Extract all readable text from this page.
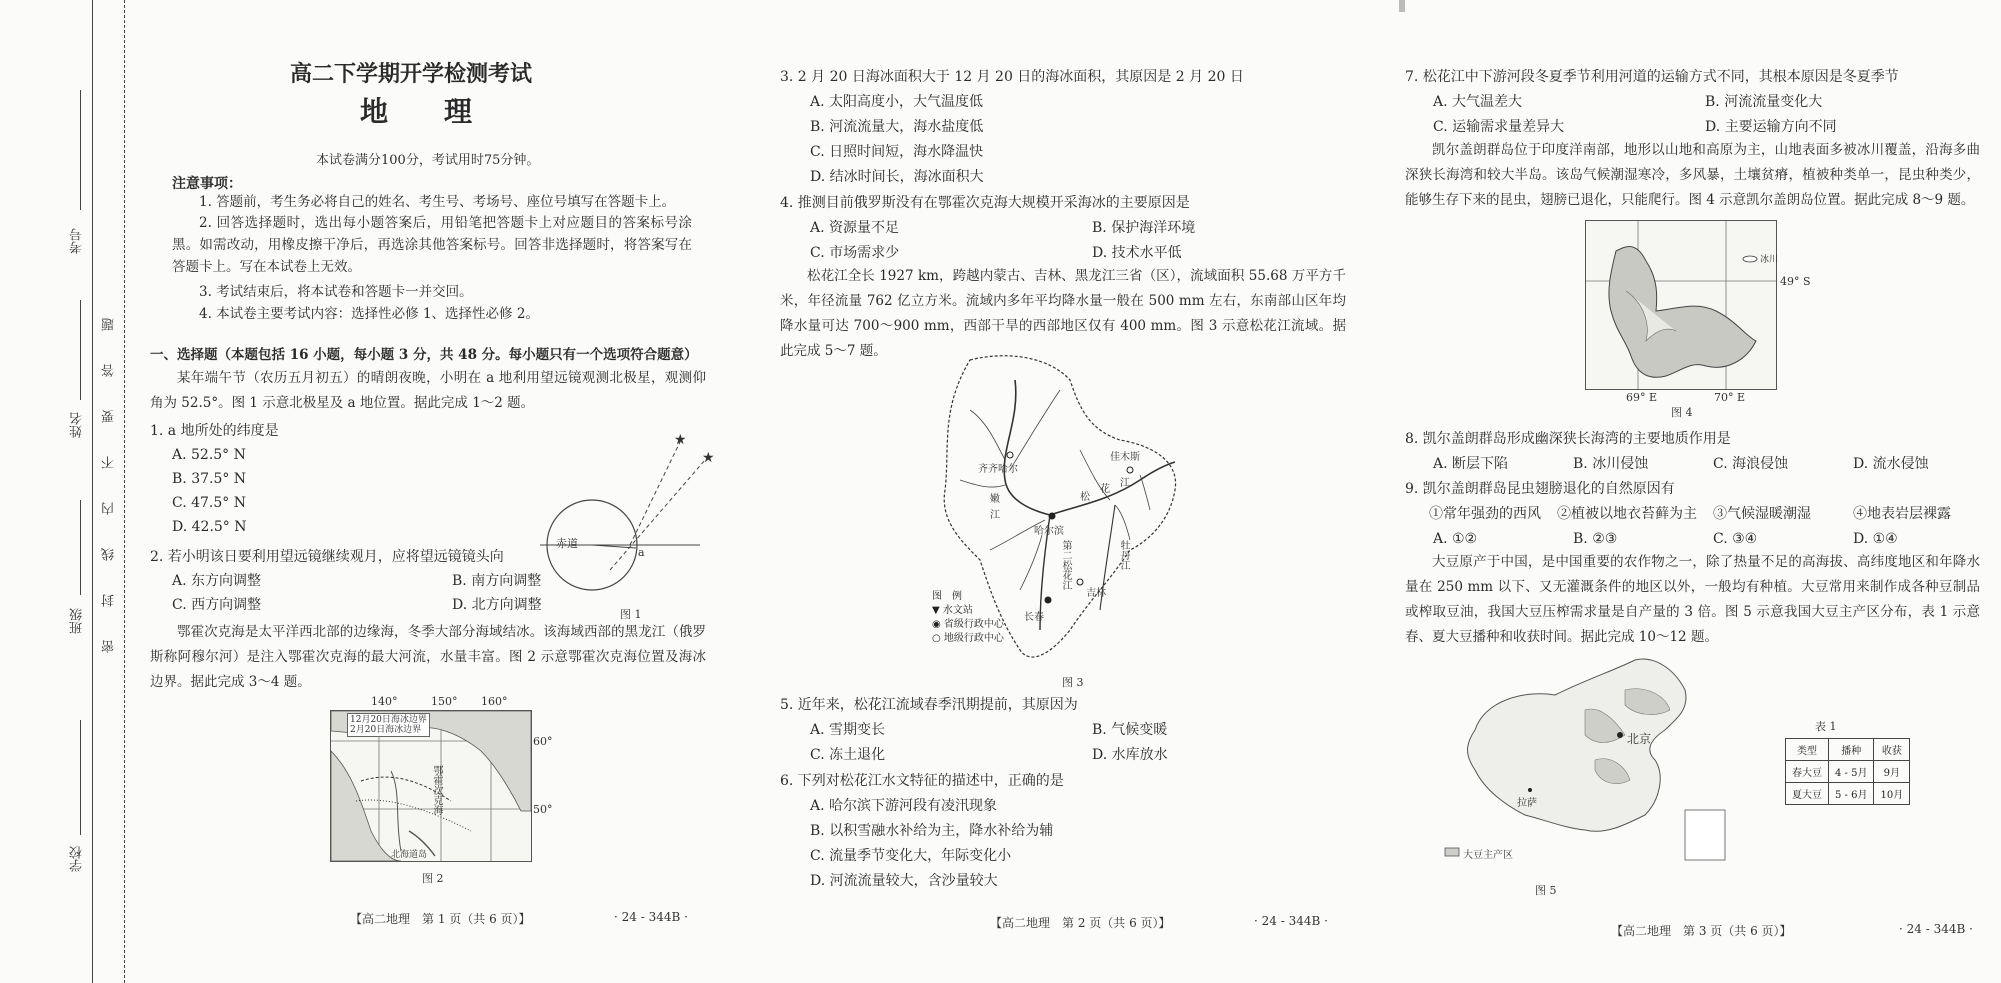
考号
姓名
班级
学校
题
答
要
不
内
线
封
密
高二下学期开学检测考试
地　　理
本试卷满分100分，考试用时75分钟。
注意事项：
1. 答题前，考生务必将自己的姓名、考生号、考场号、座位号填写在答题卡上。
2. 回答选择题时，选出每小题答案后，用铅笔把答题卡上对应题目的答案标号涂黑。如需改动，用橡皮擦干净后，再选涂其他答案标号。回答非选择题时，将答案写在答题卡上。写在本试卷上无效。
3. 考试结束后，将本试卷和答题卡一并交回。
4. 本试卷主要考试内容：选择性必修 1、选择性必修 2。
一、选择题（本题包括 16 小题，每小题 3 分，共 48 分。每小题只有一个选项符合题意）
某年端午节（农历五月初五）的晴朗夜晚，小明在 a 地利用望远镜观测北极星，观测仰角为 52.5°。图 1 示意北极星及 a 地位置。据此完成 1～2 题。
1. a 地所处的纬度是
A. 52.5° N
B. 37.5° N
C. 47.5° N
D. 42.5° N
赤道
a
★
★
图 1
2. 若小明该日要利用望远镜继续观月，应将望远镜镜头向
A. 东方向调整	B. 南方向调整
C. 西方向调整	D. 北方向调整
鄂霍次克海是太平洋西北部的边缘海，冬季大部分海域结冰。该海域西部的黑龙江（俄罗斯称阿穆尔河）是注入鄂霍次克海的最大河流，水量丰富。图 2 示意鄂霍次克海位置及海冰边界。据此完成 3～4 题。
12月20日海冰边界
2月20日海冰边界
140°	150° 160°
60°
50°
鄂霍次克海
北海道岛
图 2
【高二地理　第 1 页（共 6 页）】	· 24 - 344B ·
3. 2 月 20 日海冰面积大于 12 月 20 日的海冰面积，其原因是 2 月 20 日
A. 太阳高度小，大气温度低
B. 河流流量大，海水盐度低
C. 日照时间短，海水降温快
D. 结冰时间长，海冰面积大
4. 推测目前俄罗斯没有在鄂霍次克海大规模开采海冰的主要原因是
A. 资源量不足	B. 保护海洋环境
C. 市场需求少	D. 技术水平低
松花江全长 1927 km，跨越内蒙古、吉林、黑龙江三省（区），流域面积 55.68 万平方千米，年径流量 762 亿立方米。流域内多年平均降水量一般在 500 mm 左右，东南部山区年均降水量可达 700～900 mm，西部干旱的西部地区仅有 400 mm。图 3 示意松花江流域。据此完成 5～7 题。
齐齐哈尔
哈尔滨
佳木斯
长春
吉林
嫩
江
松
花
江
牡丹江
第二松花江
图　例
▼ 水文站
◉ 省级行政中心
○ 地级行政中心
图 3
5. 近年来，松花江流域春季汛期提前，其原因为
A. 雪期变长	B. 气候变暖
C. 冻土退化	D. 水库放水
6. 下列对松花江水文特征的描述中，正确的是
A. 哈尔滨下游河段有凌汛现象
B. 以积雪融水补给为主，降水补给为辅
C. 流量季节变化大，年际变化小
D. 河流流量较大，含沙量较大
【高二地理　第 2 页（共 6 页）】	· 24 - 344B ·
7. 松花江中下游河段冬夏季节利用河道的运输方式不同，其根本原因是冬夏季节
A. 大气温差大	B. 河流流量变化大
C. 运输需求量差异大	D. 主要运输方向不同
凯尔盖朗群岛位于印度洋南部，地形以山地和高原为主，山地表面多被冰川覆盖，沿海多曲深狭长海湾和较大半岛。该岛气候潮湿寒冷，多风暴，土壤贫瘠，植被种类单一，昆虫种类少，能够生存下来的昆虫，翅膀已退化，只能爬行。图 4 示意凯尔盖朗岛位置。据此完成 8～9 题。
冰川
69° E	70° E
49° S
图 4
8. 凯尔盖朗群岛形成幽深狭长海湾的主要地质作用是
A. 断层下陷	B. 冰川侵蚀	C. 海浪侵蚀	D. 流水侵蚀
9. 凯尔盖朗群岛昆虫翅膀退化的自然原因有
①常年强劲的西风 ②植被以地衣苔藓为主 ③气候湿暖潮湿	④地表岩层裸露
A. ①②	B. ②③	C. ③④	D. ①④
大豆原产于中国，是中国重要的农作物之一，除了热量不足的高海拔、高纬度地区和年降水量在 250 mm 以下、又无灌溉条件的地区以外，一般均有种植。大豆常用来制作成各种豆制品或榨取豆油，我国大豆压榨需求量是自产量的 3 倍。图 5 示意我国大豆主产区分布，表 1 示意春、夏大豆播种和收获时间。据此完成 10～12 题。
北京
拉萨
大豆主产区
图 5
表 1
类型	播种	收获
春大豆	4 - 5月	9月
夏大豆	5 - 6月	10月
【高二地理　第 3 页（共 6 页）】	· 24 - 344B ·
